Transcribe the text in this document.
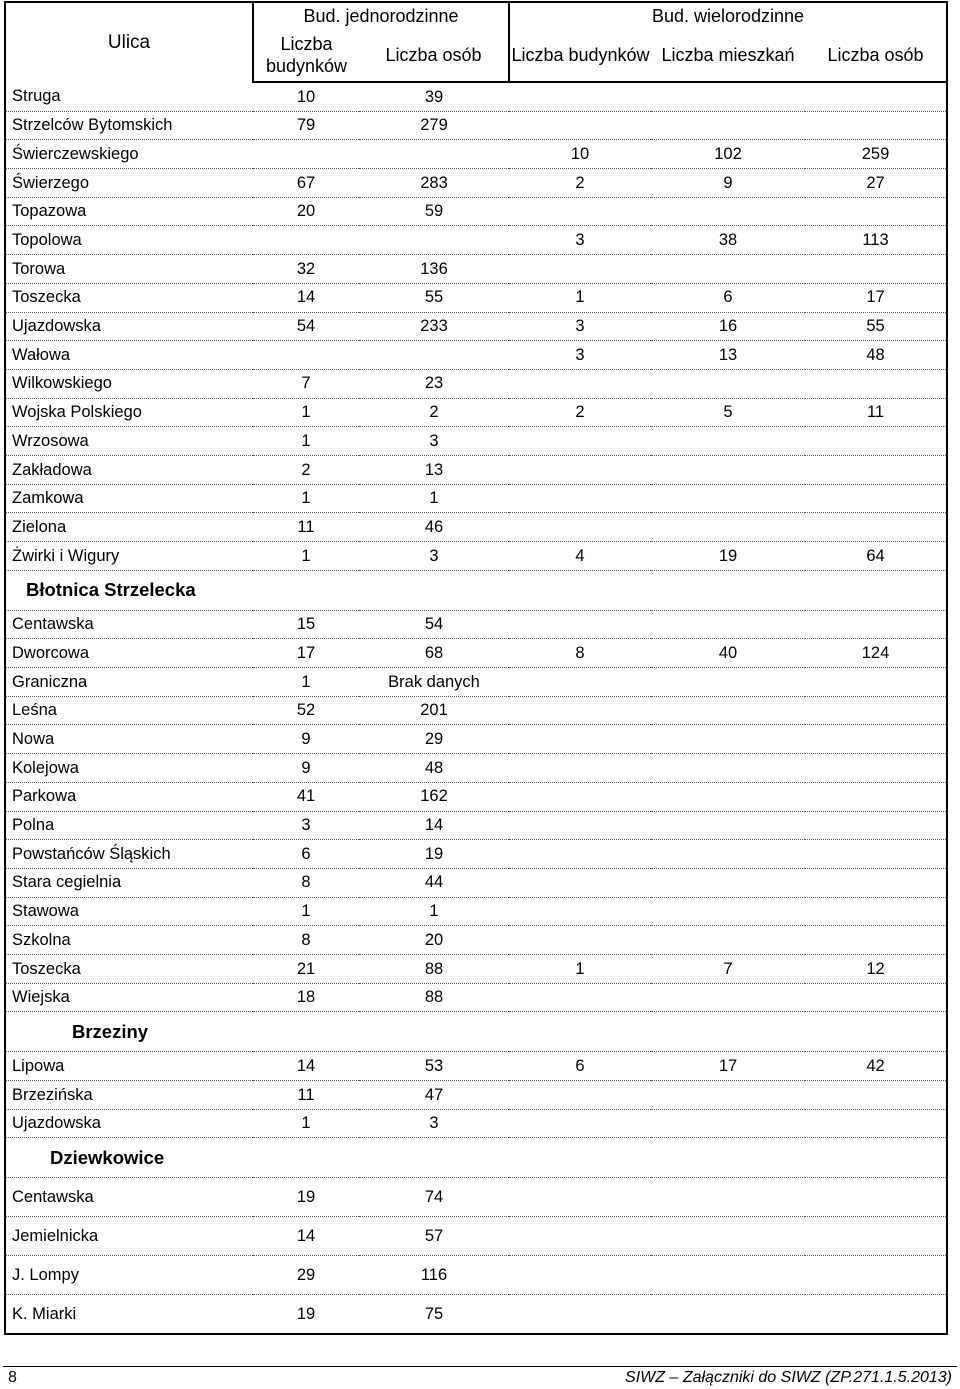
Ulica	Bud. jednorodzinne		Bud. wielorodzinne		
	Liczba budynków	Liczba osób	Liczba budynków	Liczba mieszkań	Liczba osób
Struga	10	39			
Strzelców Bytomskich	79	279			
Świerczewskiego			10	102	259
Świerzego	67	283	2	9	27
Topazowa	20	59			
Topolowa			3	38	113
Torowa	32	136			
Toszecka	14	55	1	6	17
Ujazdowska	54	233	3	16	55
Wałowa			3	13	48
Wilkowskiego	7	23			
Wojska Polskiego	1	2	2	5	11
Wrzosowa	1	3			
Zakładowa	2	13			
Zamkowa	1	1			
Zielona	11	46			
Żwirki i Wigury	1	3	4	19	64
Błotnica Strzelecka					
Centawska	15	54			
Dworcowa	17	68	8	40	124
Graniczna	1	Brak danych			
Leśna	52	201			
Nowa	9	29			
Kolejowa	9	48			
Parkowa	41	162			
Polna	3	14			
Powstańców Śląskich	6	19			
Stara cegielnia	8	44			
Stawowa	1	1			
Szkolna	8	20			
Toszecka	21	88	1	7	12
Wiejska	18	88			
Brzeziny					
Lipowa	14	53	6	17	42
Brzezińska	11	47			
Ujazdowska	1	3			
Dziewkowice					
Centawska	19	74			
Jemielnicka	14	57			
J. Lompy	29	116			
K. Miarki	19	75			
8	SIWZ – Załączniki do SIWZ (ZP.271.1.5.2013)
